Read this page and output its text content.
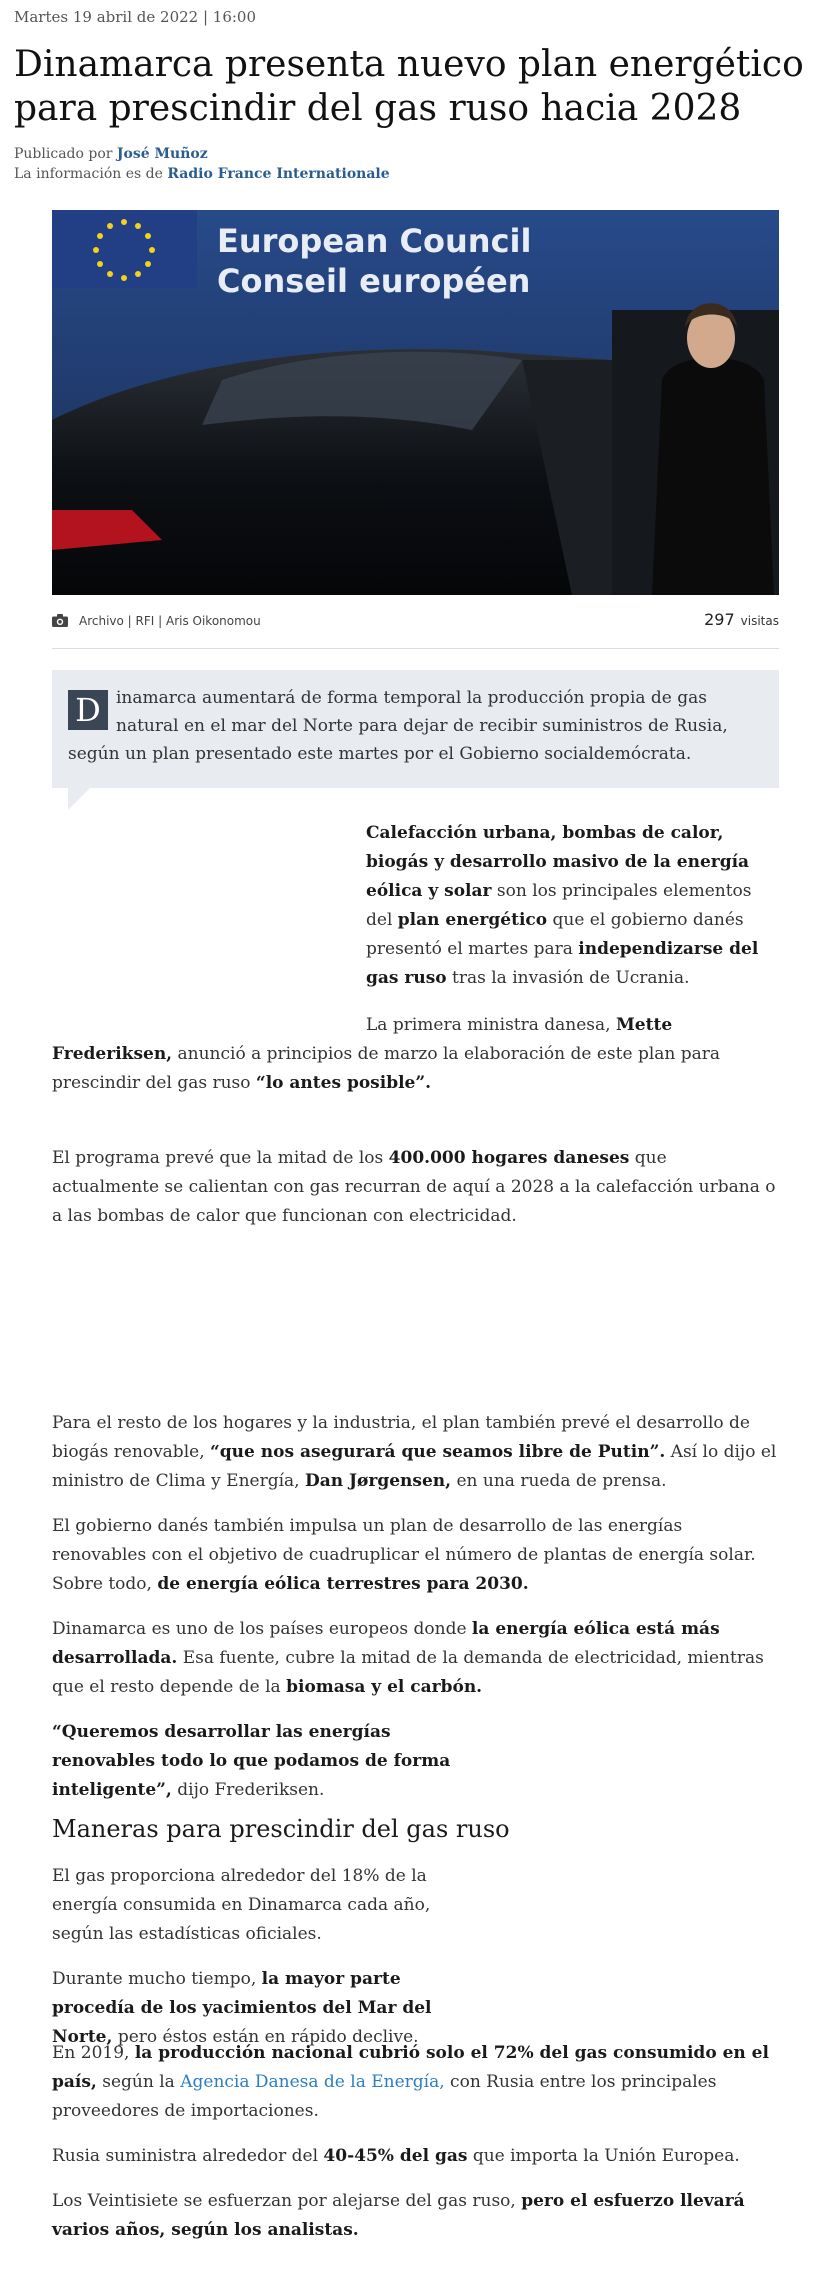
Martes 19 abril de 2022 | 16:00
Dinamarca presenta nuevo plan energético para prescindir del gas ruso hacia 2028
Publicado por José Muñoz
La información es de Radio France Internationale
European Council
Conseil européen
Archivo | RFI | Aris Oikonomou	297 visitas
D inamarca aumentará de forma temporal la producción propia de gas natural en el mar del Norte para dejar de recibir suministros de Rusia, según un plan presentado este martes por el Gobierno socialdemócrata.

Calefacción urbana, bombas de calor, biogás y desarrollo masivo de la energía eólica y solar son los principales elementos del plan energético que el gobierno danés presentó el martes para independizarse del gas ruso tras la invasión de Ucrania.
La primera ministra danesa, Mette Frederiksen, anunció a principios de marzo la elaboración de este plan para prescindir del gas ruso “lo antes posible”.
El programa prevé que la mitad de los 400.000 hogares daneses que actualmente se calientan con gas recurran de aquí a 2028 a la calefacción urbana o a las bombas de calor que funcionan con electricidad.
Para el resto de los hogares y la industria, el plan también prevé el desarrollo de biogás renovable, “que nos asegurará que seamos libre de Putin”. Así lo dijo el ministro de Clima y Energía, Dan Jørgensen, en una rueda de prensa.
El gobierno danés también impulsa un plan de desarrollo de las energías renovables con el objetivo de cuadruplicar el número de plantas de energía solar. Sobre todo, de energía eólica terrestres para 2030.
Dinamarca es uno de los países europeos donde la energía eólica está más desarrollada. Esa fuente, cubre la mitad de la demanda de electricidad, mientras que el resto depende de la biomasa y el carbón.
“Queremos desarrollar las energías renovables todo lo que podamos de forma inteligente”, dijo Frederiksen.
Maneras para prescindir del gas ruso
El gas proporciona alrededor del 18% de la energía consumida en Dinamarca cada año, según las estadísticas oficiales.
Durante mucho tiempo, la mayor parte procedía de los yacimientos del Mar del Norte, pero éstos están en rápido declive.
En 2019, la producción nacional cubrió solo el 72% del gas consumido en el país, según la Agencia Danesa de la Energía, con Rusia entre los principales proveedores de importaciones.
Rusia suministra alrededor del 40-45% del gas que importa la Unión Europea.
Los Veintisiete se esfuerzan por alejarse del gas ruso, pero el esfuerzo llevará varios años, según los analistas.
